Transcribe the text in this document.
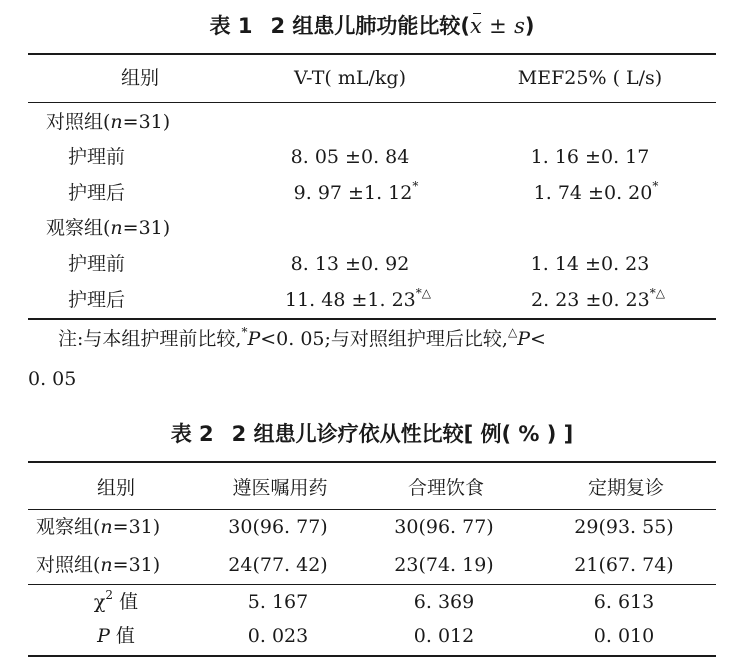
表 1 2 组患儿肺功能比较(x ± s)
组别	V-T( mL/kg)	MEF25% ( L/s)
对照组(n=31)
护理前	8. 05 ±0. 84	1. 16 ±0. 17
护理后	9. 97 ±1. 12*	1. 74 ±0. 20*
观察组(n=31)
护理前	8. 13 ±0. 92	1. 14 ±0. 23
护理后	11. 48 ±1. 23*△	2. 23 ±0. 23*△
注:与本组护理前比较,*P<0. 05;与对照组护理后比较,△P<
0. 05
表 2 2 组患儿诊疗依从性比较[ 例( % ) ]
组别	遵医嘱用药	合理饮食	定期复诊
观察组(n=31)	30(96. 77)	30(96. 77)	29(93. 55)
对照组(n=31)	24(77. 42)	23(74. 19)	21(67. 74)
$\chi^2$ 值	5. 167	6. 369	6. 613
P 值	0. 023	0. 012	0. 010
